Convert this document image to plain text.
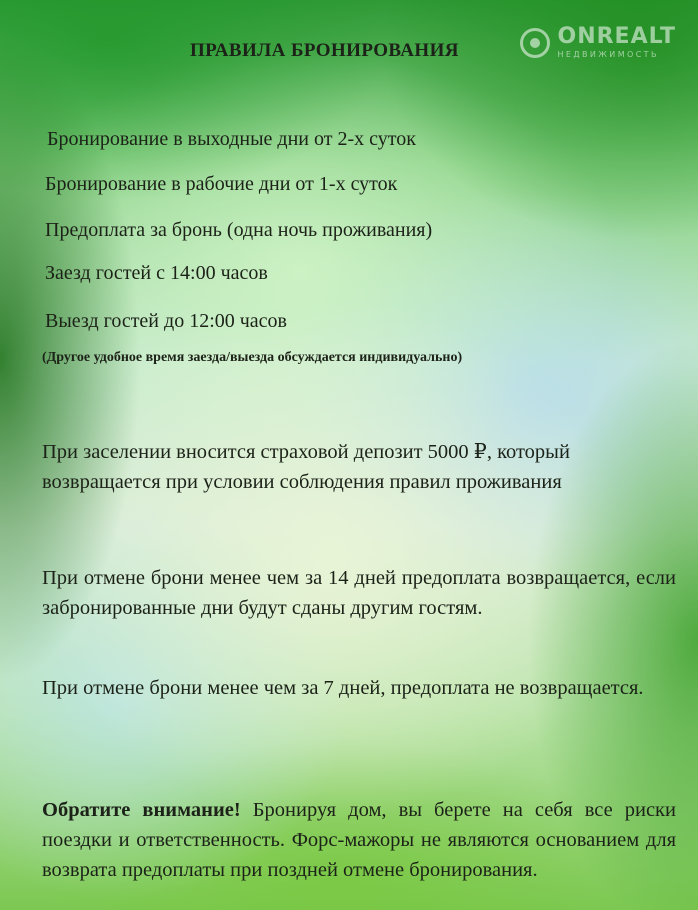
ONREALT
НЕДВИЖИМОСТЬ
ПРАВИЛА БРОНИРОВАНИЯ
Бронирование в выходные дни от 2-х суток
Бронирование в рабочие дни от 1-х суток
Предоплата за бронь (одна ночь проживания)
Заезд гостей с 14:00 часов
Выезд гостей до 12:00 часов
(Другое удобное время заезда/выезда обсуждается индивидуально)
При заселении вносится страховой депозит 5000 ₽, который возвращается при условии соблюдения правил проживания
При отмене брони менее чем за 14 дней предоплата возвращается, если забронированные дни будут сданы другим гостям.
При отмене брони менее чем за 7 дней, предоплата не возвращается.
Обратите внимание! Бронируя дом, вы берете на себя все риски поездки и ответственность. Форс-мажоры не являются основанием для возврата предоплаты при поздней отмене бронирования.
